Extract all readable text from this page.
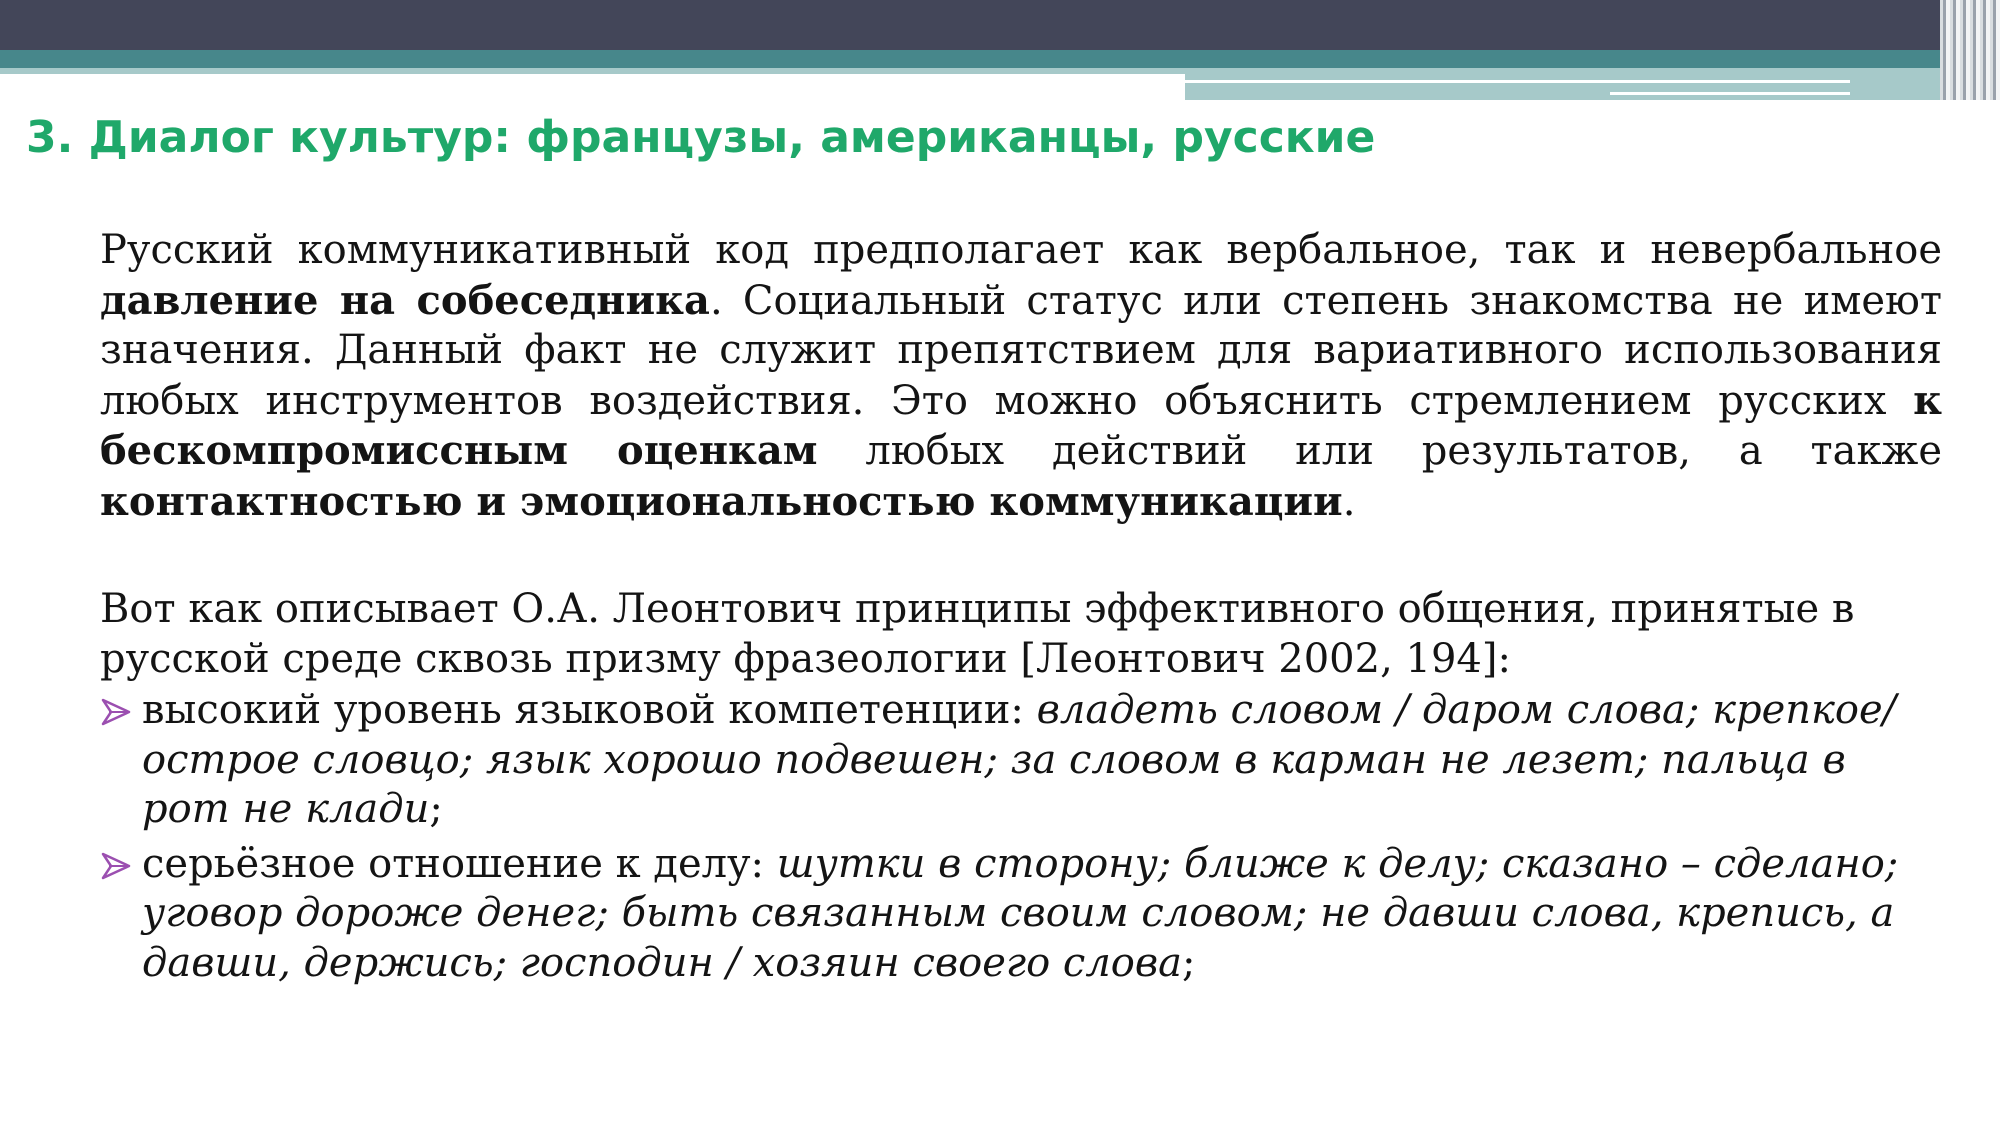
3. Диалог культур: французы, американцы, русские
Русский коммуникативный код предполагает как вербальное, так и невербальное давление на собеседника. Социальный статус или степень знакомства не имеют значения. Данный факт не служит препятствием для вариативного использования любых инструментов воздействия. Это можно объяснить стремлением русских к бескомпромиссным оценкам любых действий или результатов, а также контактностью и эмоциональностью коммуникации.
Вот как описывает О.А. Леонтович принципы эффективного общения, принятые в русской среде сквозь призму фразеологии [Леонтович 2002, 194]:
высокий уровень языковой компетенции: владеть словом / даром слова; крепкое/ острое словцо; язык хорошо подвешен; за словом в карман не лезет; пальца в рот не клади;
серьёзное отношение к делу: шутки в сторону; ближе к делу; сказано – сделано; уговор дороже денег; быть связанным своим словом; не давши слова, крепись, а давши, держись; господин / хозяин своего слова;
